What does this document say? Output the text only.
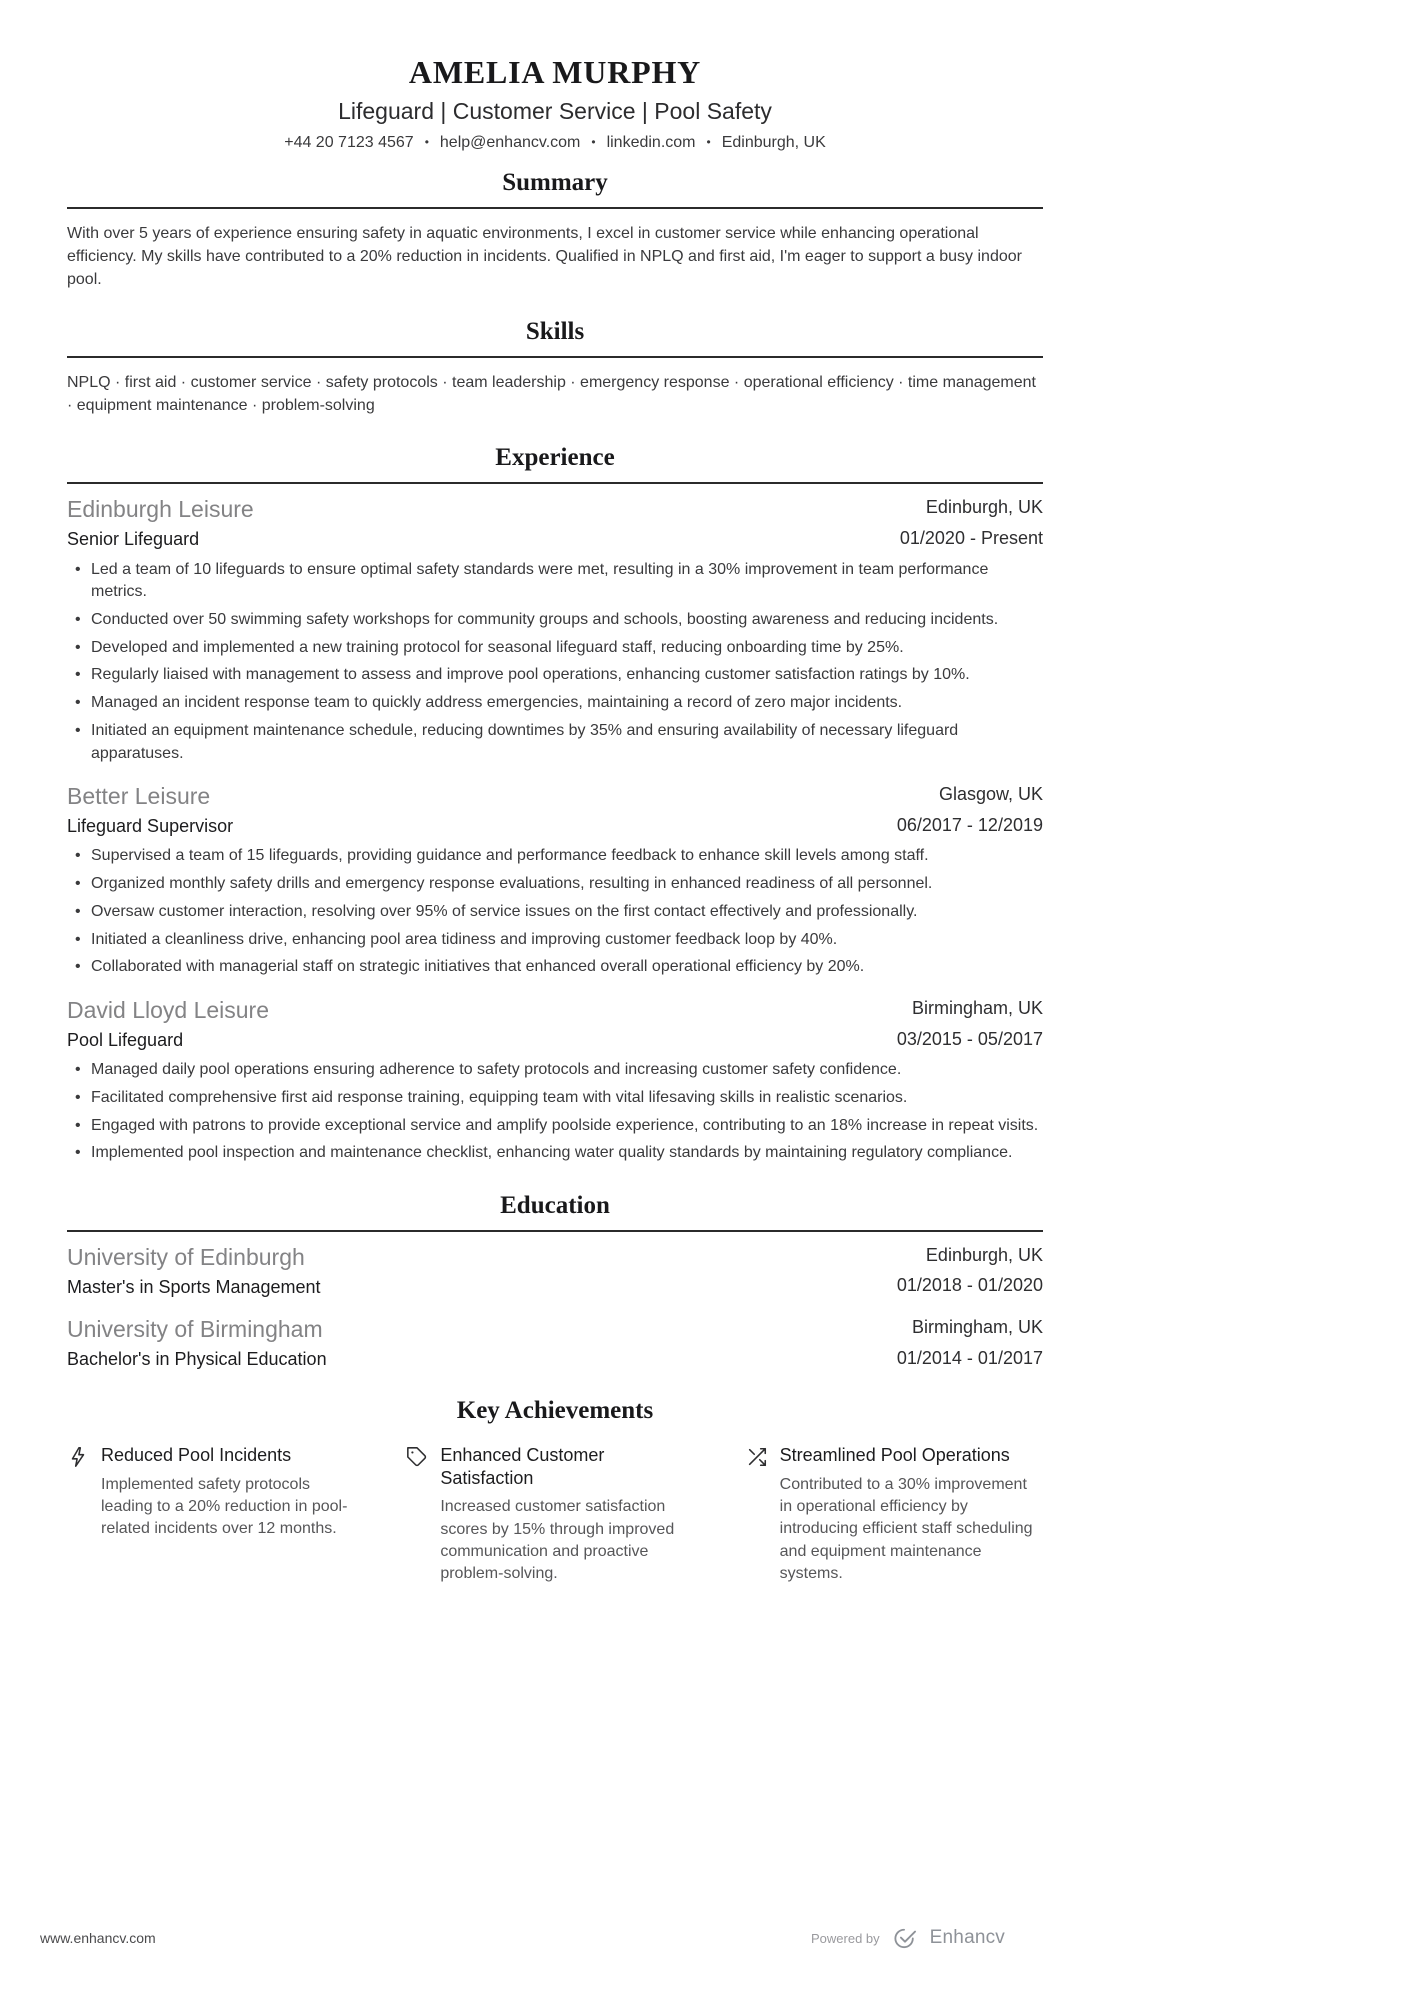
AMELIA MURPHY
Lifeguard | Customer Service | Pool Safety
+44 20 7123 4567 • help@enhancv.com • linkedin.com • Edinburgh, UK
Summary

With over 5 years of experience ensuring safety in aquatic environments, I excel in customer service while enhancing operational efficiency. My skills have contributed to a 20% reduction in incidents. Qualified in NPLQ and first aid, I'm eager to support a busy indoor pool.

Skills

NPLQ · first aid · customer service · safety protocols · team leadership · emergency response · operational efficiency · time management · equipment maintenance · problem-solving

Experience
Edinburgh Leisure
Senior Lifeguard
Edinburgh, UK
01/2020 - Present
• Led a team of 10 lifeguards to ensure optimal safety standards were met, resulting in a 30% improvement in team performance metrics.
• Conducted over 50 swimming safety workshops for community groups and schools, boosting awareness and reducing incidents.
• Developed and implemented a new training protocol for seasonal lifeguard staff, reducing onboarding time by 25%.
• Regularly liaised with management to assess and improve pool operations, enhancing customer satisfaction ratings by 10%.
• Managed an incident response team to quickly address emergencies, maintaining a record of zero major incidents.
• Initiated an equipment maintenance schedule, reducing downtimes by 35% and ensuring availability of necessary lifeguard apparatuses.
Better Leisure
Lifeguard Supervisor
Glasgow, UK
06/2017 - 12/2019
• Supervised a team of 15 lifeguards, providing guidance and performance feedback to enhance skill levels among staff.
• Organized monthly safety drills and emergency response evaluations, resulting in enhanced readiness of all personnel.
• Oversaw customer interaction, resolving over 95% of service issues on the first contact effectively and professionally.
• Initiated a cleanliness drive, enhancing pool area tidiness and improving customer feedback loop by 40%.
• Collaborated with managerial staff on strategic initiatives that enhanced overall operational efficiency by 20%.
David Lloyd Leisure
Pool Lifeguard
Birmingham, UK
03/2015 - 05/2017
• Managed daily pool operations ensuring adherence to safety protocols and increasing customer safety confidence.
• Facilitated comprehensive first aid response training, equipping team with vital lifesaving skills in realistic scenarios.
• Engaged with patrons to provide exceptional service and amplify poolside experience, contributing to an 18% increase in repeat visits.
• Implemented pool inspection and maintenance checklist, enhancing water quality standards by maintaining regulatory compliance.
Education
University of Edinburgh
Master's in Sports Management
Edinburgh, UK
01/2018 - 01/2020
University of Birmingham
Bachelor's in Physical Education
Birmingham, UK
01/2014 - 01/2017
Key Achievements
Reduced Pool Incidents
Implemented safety protocols leading to a 20% reduction in pool-related incidents over 12 months.
Enhanced Customer Satisfaction
Increased customer satisfaction scores by 15% through improved communication and proactive problem-solving.
Streamlined Pool Operations
Contributed to a 30% improvement in operational efficiency by introducing efficient staff scheduling and equipment maintenance systems.
www.enhancv.com	Powered by	Enhancv
